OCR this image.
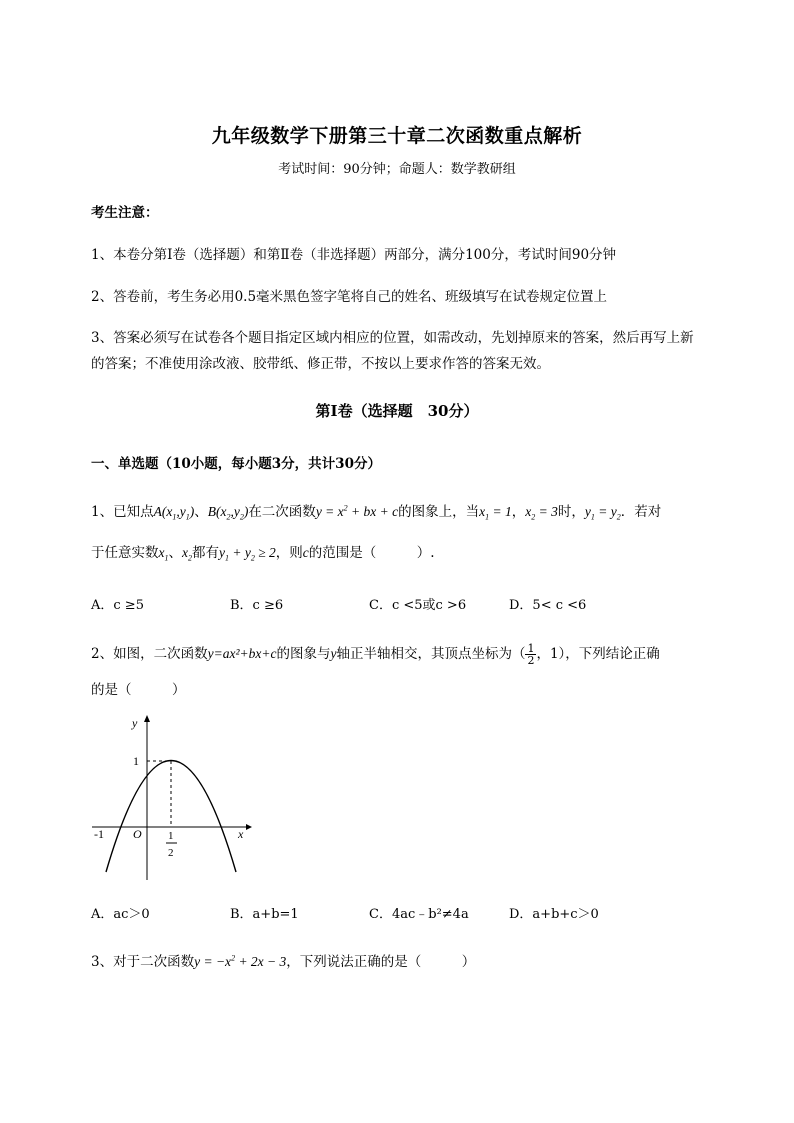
九年级数学下册第三十章二次函数重点解析
考试时间：90分钟；命题人：数学教研组
考生注意：
1、本卷分第I卷（选择题）和第Ⅱ卷（非选择题）两部分，满分100分，考试时间90分钟
2、答卷前，考生务必用0.5毫米黑色签字笔将自己的姓名、班级填写在试卷规定位置上
3、答案必须写在试卷各个题目指定区域内相应的位置，如需改动，先划掉原来的答案，然后再写上新
的答案；不准使用涂改液、胶带纸、修正带，不按以上要求作答的答案无效。
第I卷（选择题　30分）
一、单选题（10小题，每小题3分，共计30分）
1、已知点$A(x_1,y_1)$、$B(x_2,y_2)$在二次函数$y = x^2$ + bx + c的图象上，当$x_1 = 1$，$x_2 = 3$时，$y_1 = y_2$．若对
于任意实数$x_1$、$x_2$都有$y_1 + y_2 \ge 2$，则c的范围是（　　　）.
A．c ≥5	B．c ≥6	C．c <5或c >6	D．5< c <6
2、如图，二次函数y=ax²+bx+c的图象与y轴正半轴相交，其顶点坐标为（ $\frac{1}{2}$ ，1），下列结论正确
的是（　　　）
y
x
1
-1 O 1
2
A．ac＞0	B．a+b=1	C．4ac﹣b²≠4a	D．a+b+c＞0
3、对于二次函数$y = -x^2 + 2x - 3$，下列说法正确的是（　　　）
